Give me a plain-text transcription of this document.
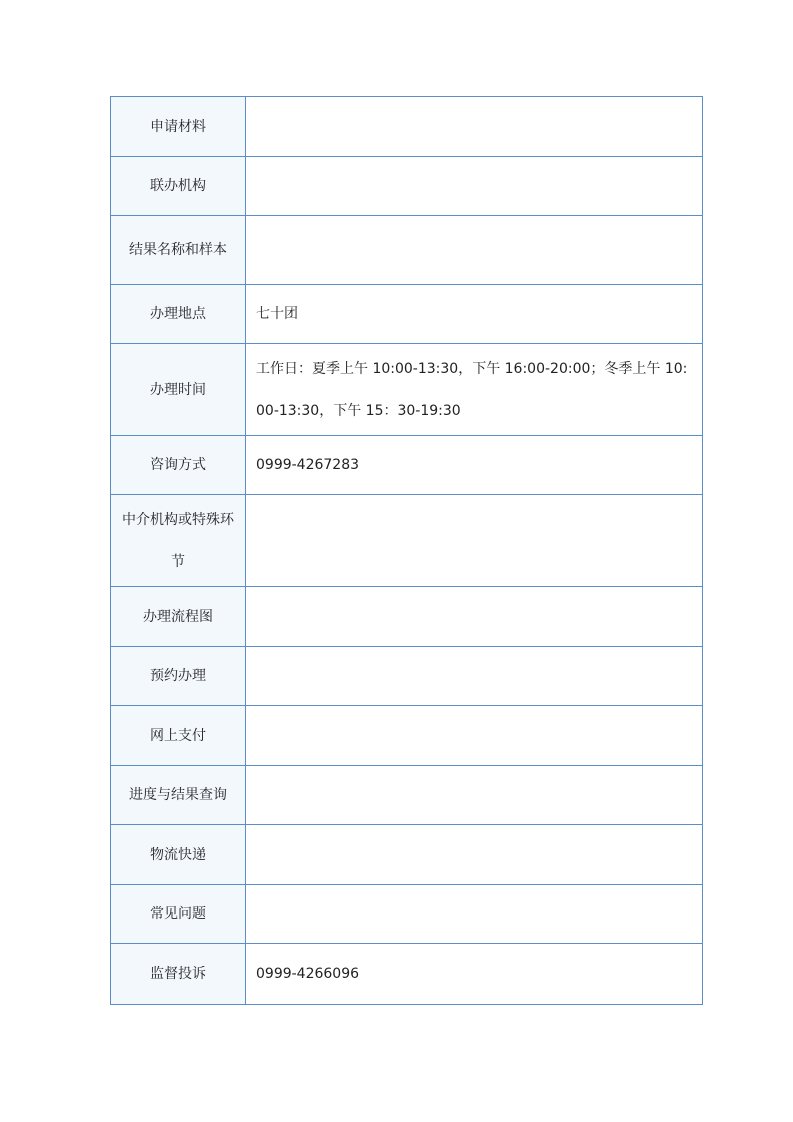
申请材料	

联办机构	

结果名称和样本	

办理地点	七十团

办理时间	工作日：夏季上午 10:00-13:30，下午 16:00-20:00；冬季上午 10:00-13:30，下午 15：30-19:30

咨询方式	0999-4267283

中介机构或特殊环节	

办理流程图	

预约办理	

网上支付	

进度与结果查询	

物流快递	

常见问题	

监督投诉	0999-4266096
